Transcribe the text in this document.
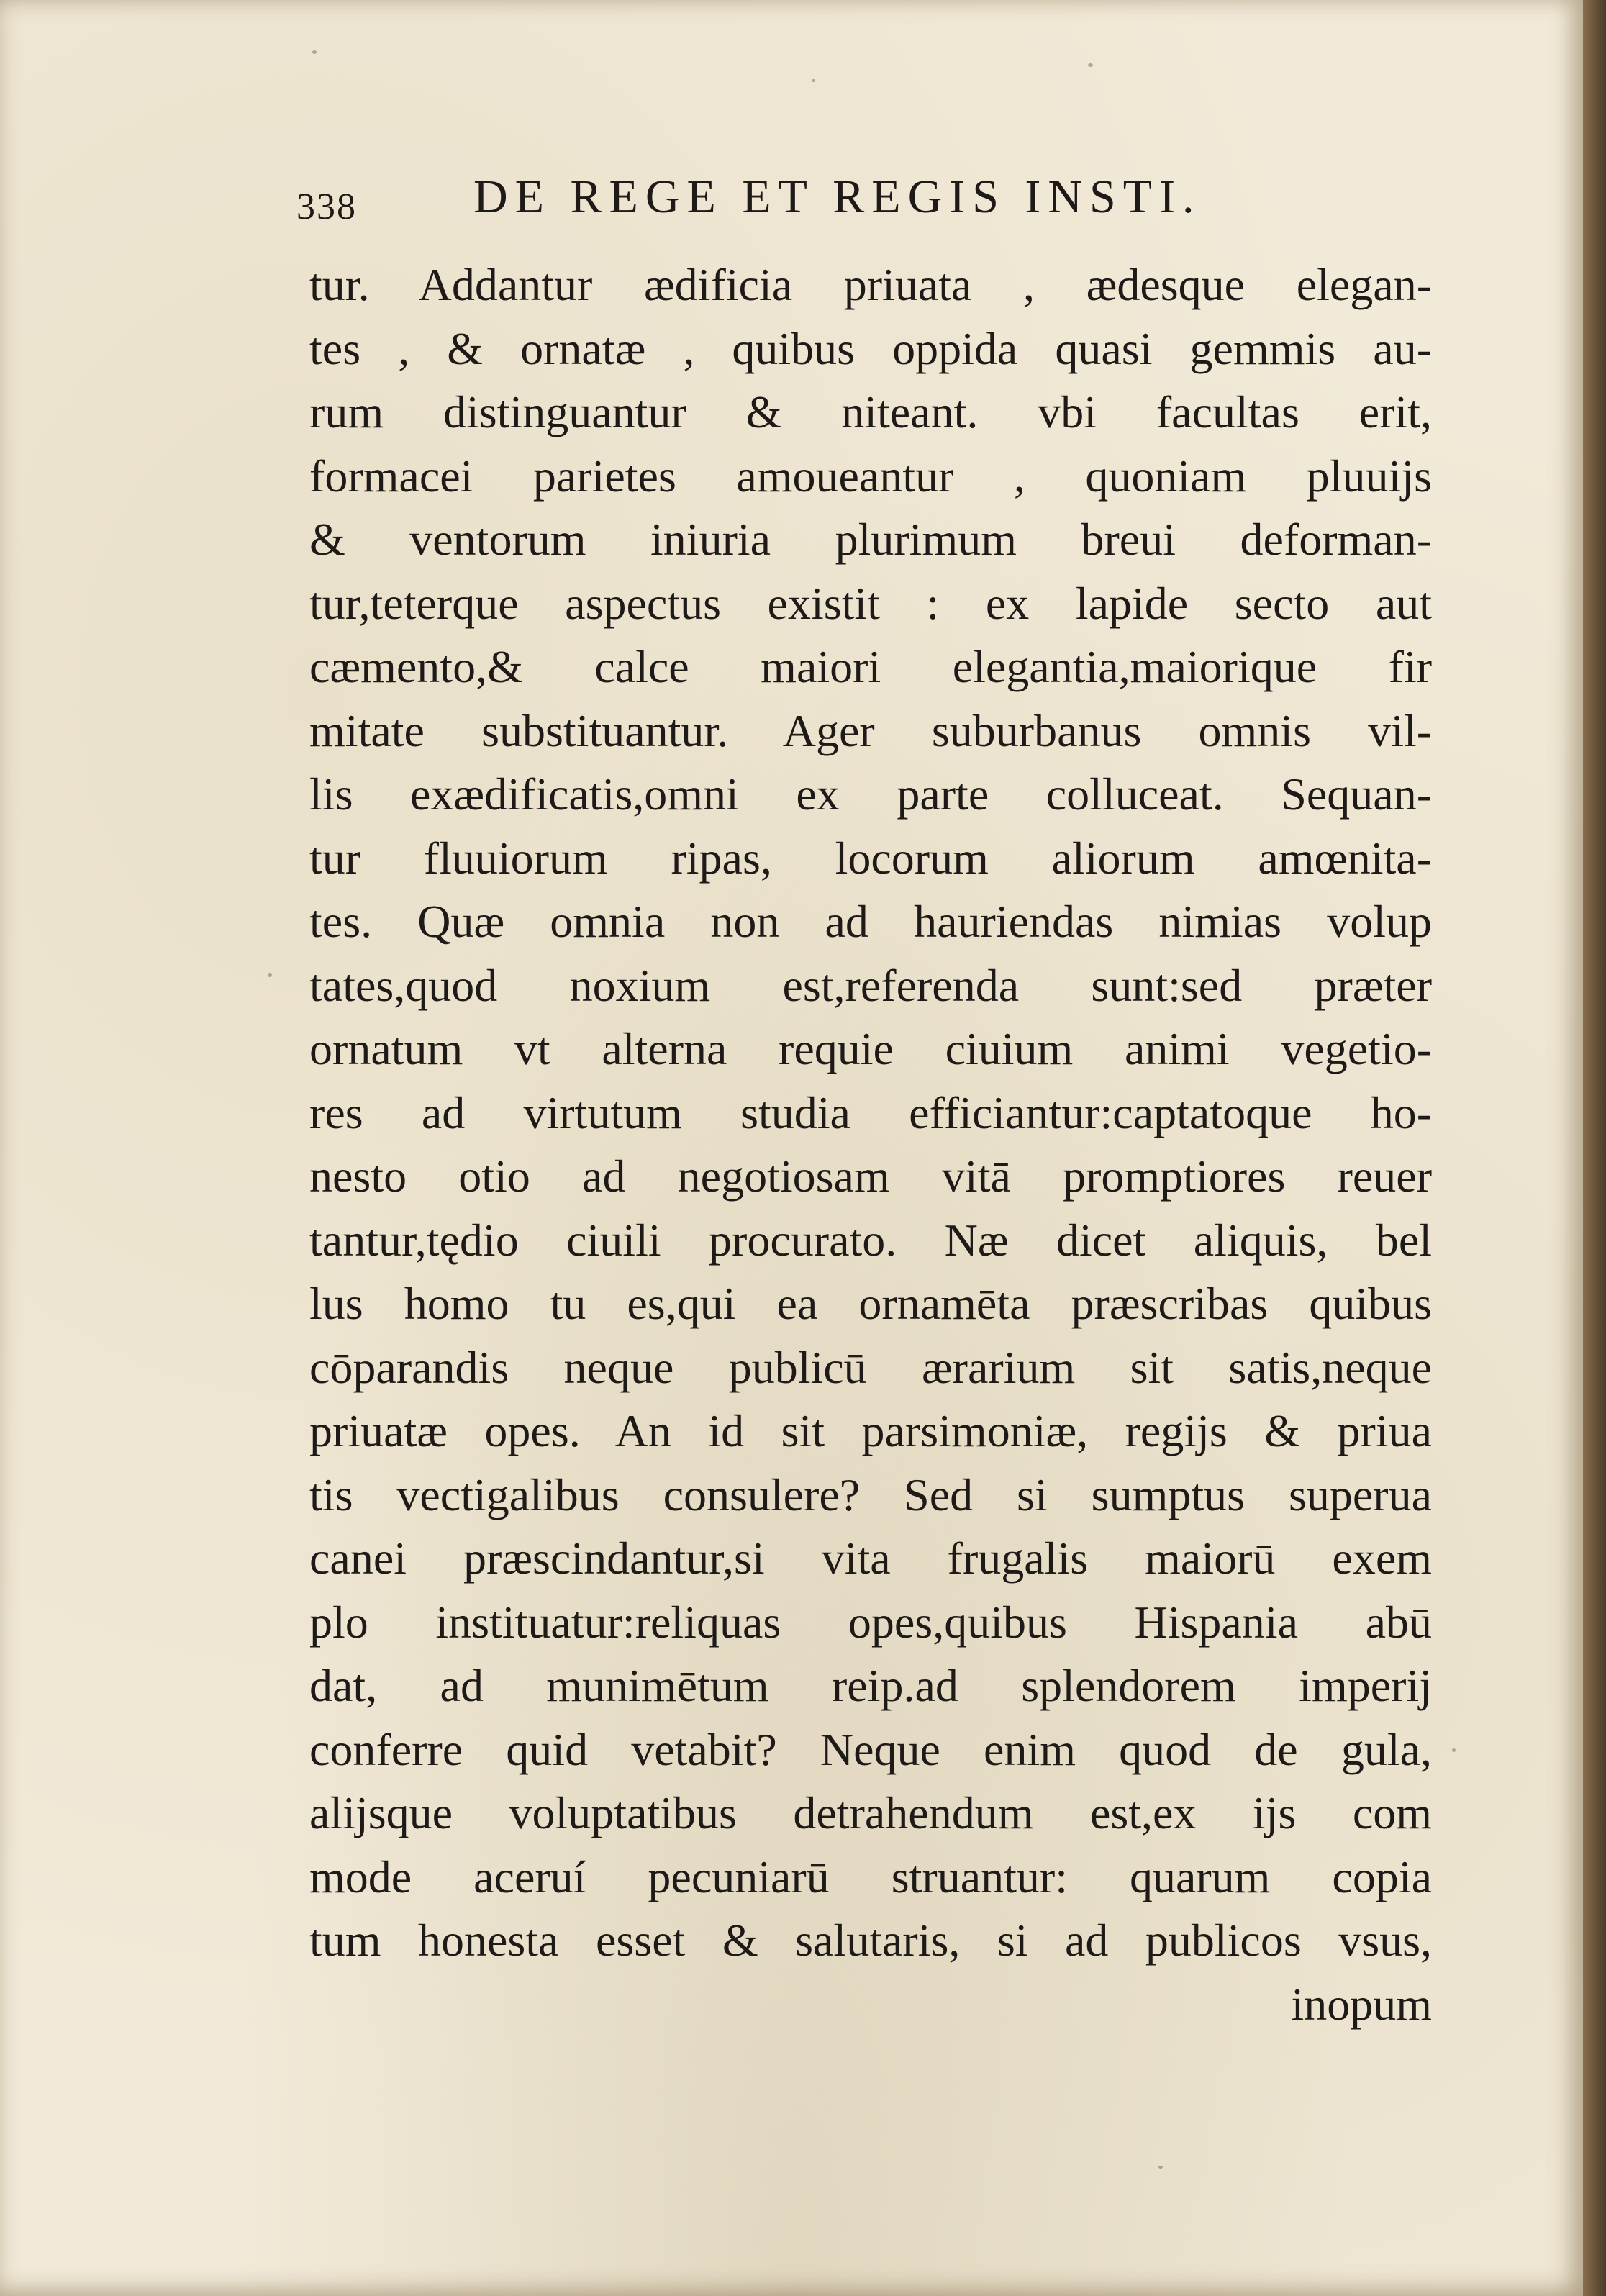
338 DE REGE ET REGIS INSTI.
tur. Addantur ædificia priuata , ædesque elegan-
tes , & ornatæ , quibus oppida quasi gemmis au-
rum distinguantur & niteant. vbi facultas erit,
formacei parietes amoueantur , quoniam pluuijs
& ventorum iniuria plurimum breui deforman-
tur,teterque aspectus existit : ex lapide secto aut
cæmento,& calce maiori elegantia,maiorique fir
mitate substituantur. Ager suburbanus omnis vil-
lis exædificatis,omni ex parte colluceat. Sequan-
tur fluuiorum ripas, locorum aliorum amœnita-
tes. Quæ omnia non ad hauriendas nimias volup
tates,quod noxium est,referenda sunt:sed præter
ornatum vt alterna requie ciuium animi vegetio-
res ad virtutum studia efficiantur:captatoque ho-
nesto otio ad negotiosam vitā promptiores reuer
tantur,tędio ciuili procurato. Næ dicet aliquis, bel
lus homo tu es,qui ea ornamēta præscribas quibus
cōparandis neque publicū ærarium sit satis,neque
priuatæ opes. An id sit parsimoniæ, regijs & priua
tis vectigalibus consulere? Sed si sumptus superua
canei præscindantur,si vita frugalis maiorū exem
plo instituatur:reliquas opes,quibus Hispania abū
dat, ad munimētum reip.ad splendorem imperij
conferre quid vetabit? Neque enim quod de gula,
alijsque voluptatibus detrahendum est,ex ijs com
mode aceruí pecuniarū struantur: quarum copia
tum honesta esset & salutaris, si ad publicos vsus,
inopum
